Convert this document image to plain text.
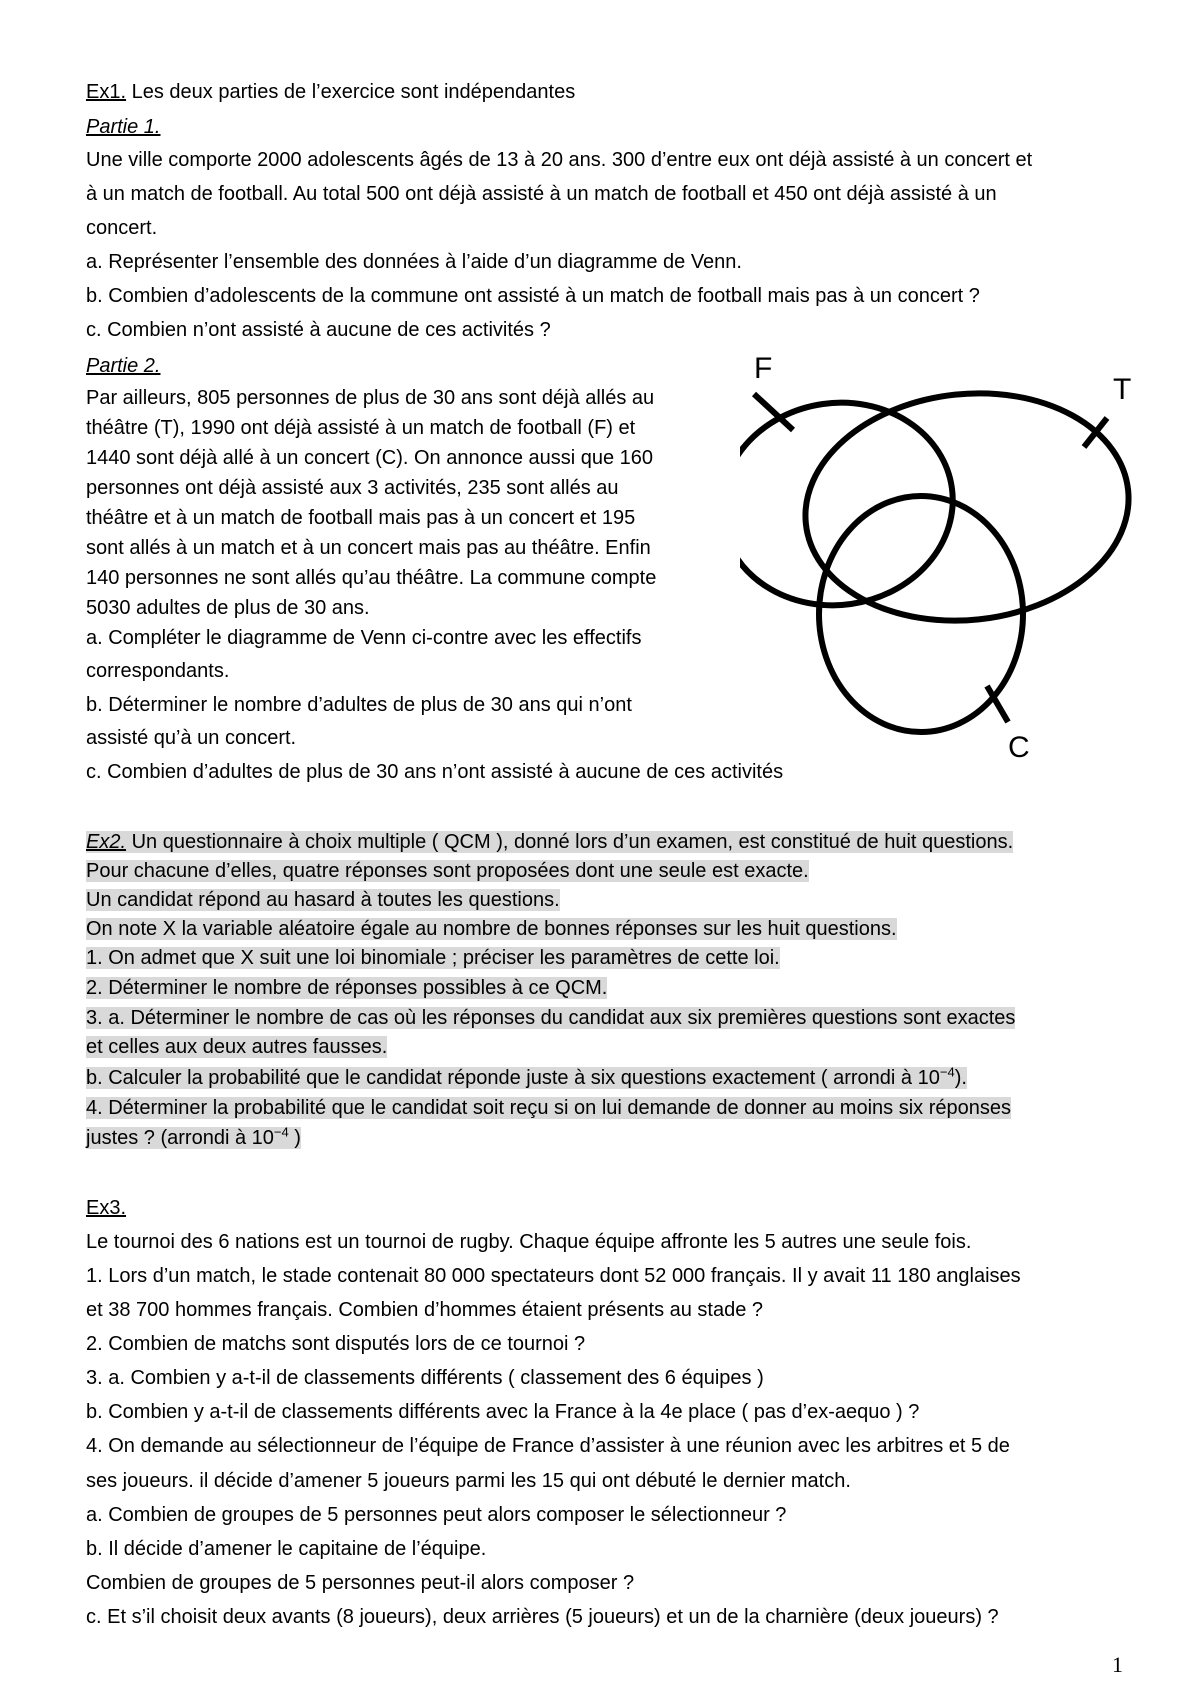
Ex1. Les deux parties de l’exercice sont indépendantes
Partie 1.
Une ville comporte 2000 adolescents âgés de 13 à 20 ans. 300 d’entre eux ont déjà assisté à un concert et
à un match de football. Au total 500 ont déjà assisté à un match de football et 450 ont déjà assisté à un
concert.
a. Représenter l’ensemble des données à l’aide d’un diagramme de Venn.
b. Combien d’adolescents de la commune ont assisté à un match de football mais pas à un concert ?
c. Combien n’ont assisté à aucune de ces activités ?
Partie 2.
Par ailleurs, 805 personnes de plus de 30 ans sont déjà allés au
théâtre (T), 1990 ont déjà assisté à un match de football (F) et
1440 sont déjà allé à un concert (C). On annonce aussi que 160
personnes ont déjà assisté aux 3 activités, 235 sont allés au
théâtre et à un match de football mais pas à un concert et 195
sont allés à un match et à un concert mais pas au théâtre. Enfin
140 personnes ne sont allés qu’au théâtre. La commune compte
5030 adultes de plus de 30 ans.
a. Compléter le diagramme de Venn ci-contre avec les effectifs
correspondants.
b. Déterminer le nombre d’adultes de plus de 30 ans qui n’ont
assisté qu’à un concert.
c. Combien d’adultes de plus de 30 ans n’ont assisté à aucune de ces activités
F
T
C
Ex2. Un questionnaire à choix multiple ( QCM ), donné lors d’un examen, est constitué de huit questions.
Pour chacune d’elles, quatre réponses sont proposées dont une seule est exacte.
Un candidat répond au hasard à toutes les questions.
On note X la variable aléatoire égale au nombre de bonnes réponses sur les huit questions.
1. On admet que X suit une loi binomiale ; préciser les paramètres de cette loi.
2. Déterminer le nombre de réponses possibles à ce QCM.
3. a. Déterminer le nombre de cas où les réponses du candidat aux six premières questions sont exactes
et celles aux deux autres fausses.
b. Calculer la probabilité que le candidat réponde juste à six questions exactement ( arrondi à $10^{-4}$).
4. Déterminer la probabilité que le candidat soit reçu si on lui demande de donner au moins six réponses
justes ? (arrondi à $10^{-4}$ )
Ex3.
Le tournoi des 6 nations est un tournoi de rugby. Chaque équipe affronte les 5 autres une seule fois.
1. Lors d’un match, le stade contenait 80 000 spectateurs dont 52 000 français. Il y avait 11 180 anglaises
et 38 700 hommes français. Combien d’hommes étaient présents au stade ?
2. Combien de matchs sont disputés lors de ce tournoi ?
3. a. Combien y a-t-il de classements différents ( classement des 6 équipes )
b. Combien y a-t-il de classements différents avec la France à la 4e place ( pas d’ex-aequo ) ?
4. On demande au sélectionneur de l’équipe de France d’assister à une réunion avec les arbitres et 5 de
ses joueurs. il décide d’amener 5 joueurs parmi les 15 qui ont débuté le dernier match.
a. Combien de groupes de 5 personnes peut alors composer le sélectionneur ?
b. Il décide d’amener le capitaine de l’équipe.
Combien de groupes de 5 personnes peut-il alors composer ?
c. Et s’il choisit deux avants (8 joueurs), deux arrières (5 joueurs) et un de la charnière (deux joueurs) ?
1
